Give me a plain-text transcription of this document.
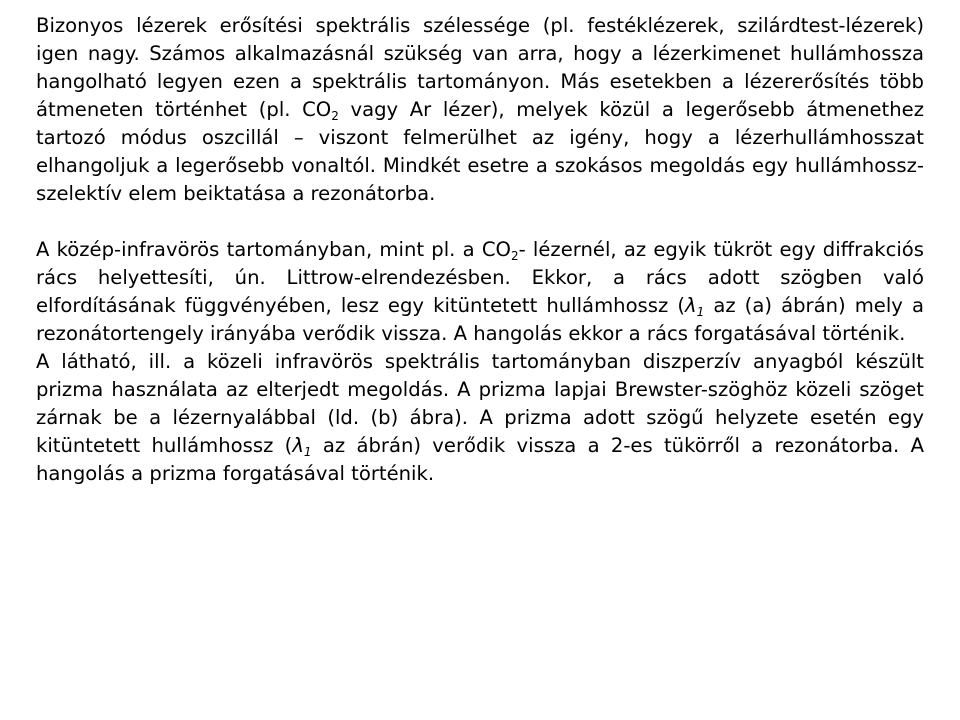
Bizonyos lézerek erősítési spektrális szélessége (pl. festéklézerek, szilárdtest-lézerek) igen nagy. Számos alkalmazásnál szükség van arra, hogy a lézerkimenet hullámhossza hangolható legyen ezen a spektrális tartományon. Más esetekben a lézererősítés több átmeneten történhet (pl. $CO_2$ vagy Ar lézer), melyek közül a legerősebb átmenethez tartozó módus oszcillál – viszont felmerülhet az igény, hogy a lézerhullámhosszat elhangoljuk a legerősebb vonaltól. Mindkét esetre a szokásos megoldás egy hullámhossz-szelektív elem beiktatása a rezonátorba.

A közép-infravörös tartományban, mint pl. a $CO_2-$ lézernél, az egyik tükröt egy diffrakciós rács helyettesíti, ún. Littrow-elrendezésben. Ekkor, a rács adott szögben való elfordításának függvényében, lesz egy kitüntetett hullámhossz ($\lambda_1$ az (a) ábrán) mely a rezonátortengely irányába verődik vissza. A hangolás ekkor a rács forgatásával történik.

A látható, ill. a közeli infravörös spektrális tartományban diszperzív anyagból készült prizma használata az elterjedt megoldás. A prizma lapjai Brewster-szöghöz közeli szöget zárnak be a lézernyalábbal (ld. (b) ábra). A prizma adott szögű helyzete esetén egy kitüntetett hullámhossz ($\lambda_1$ az ábrán) verődik vissza a 2-es tükörről a rezonátorba. A hangolás a prizma forgatásával történik.
